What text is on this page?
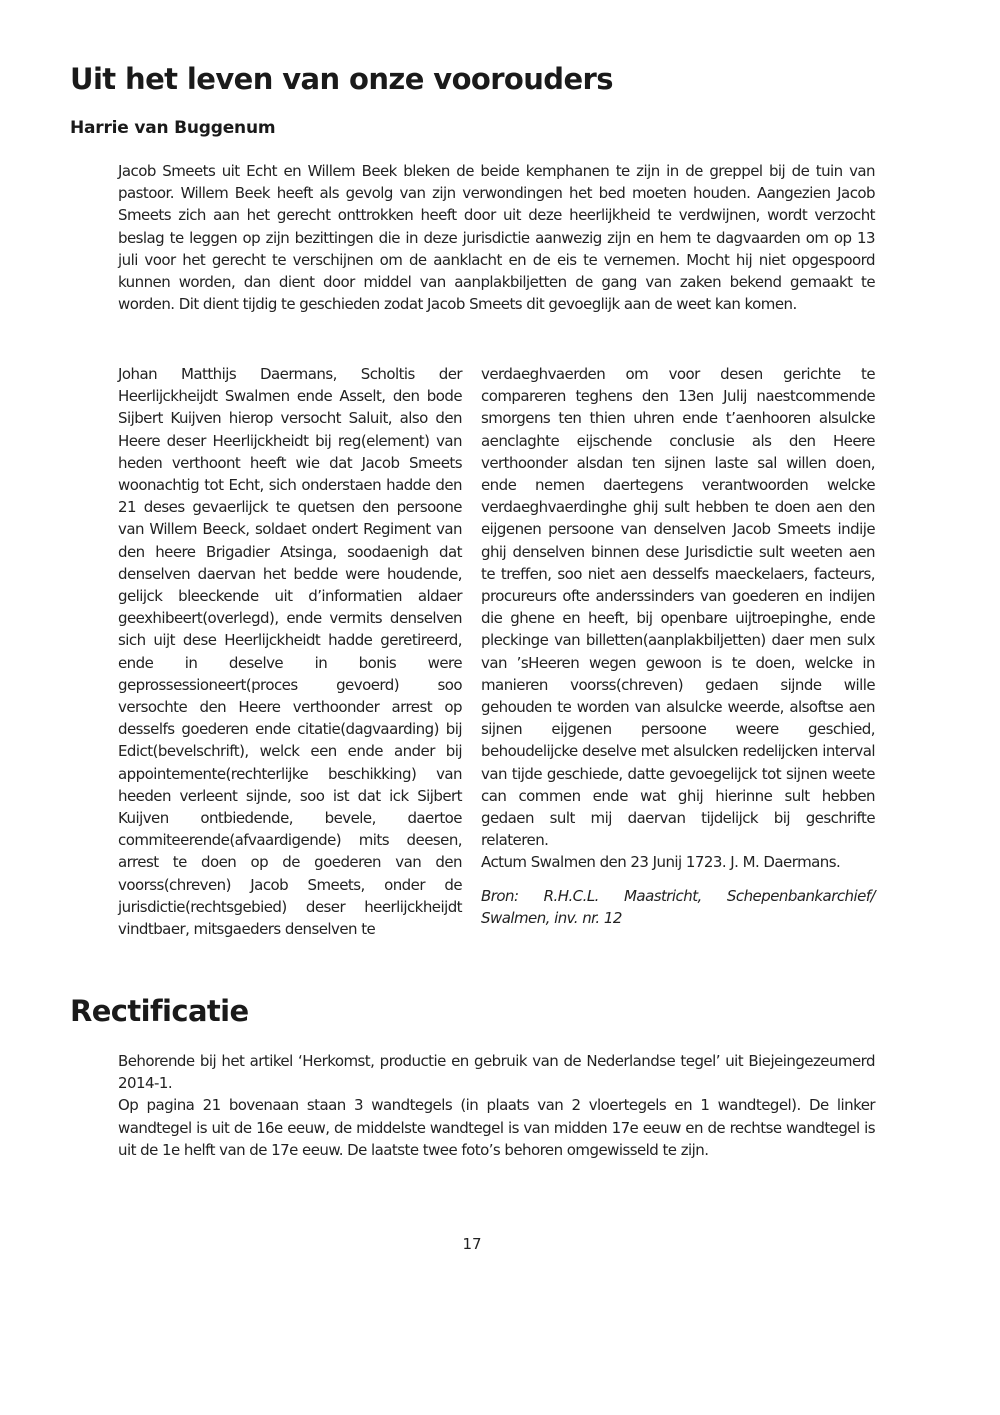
Uit het leven van onze voorouders

Harrie van Buggenum

Jacob Smeets uit Echt en Willem Beek bleken de beide kemphanen te zijn in de greppel bij de tuin van pastoor. Willem Beek heeft als gevolg van zijn verwondingen het bed moeten houden. Aangezien Jacob Smeets zich aan het gerecht onttrokken heeft door uit deze heerlijkheid te verdwijnen, wordt verzocht beslag te leggen op zijn bezittingen die in deze jurisdictie aanwezig zijn en hem te dagvaarden om op 13 juli voor het gerecht te verschijnen om de aanklacht en de eis te vernemen. Mocht hij niet opgespoord kunnen worden, dan dient door middel van aanplakbiljetten de gang van zaken bekend gemaakt te worden. Dit dient tijdig te geschieden zodat Jacob Smeets dit gevoeglijk aan de weet kan komen.

Johan Matthijs Daermans, Scholtis der Heerlijckheijdt Swalmen ende Asselt, den bode Sijbert Kuijven hierop versocht Saluit, also den Heere deser Heerlijckheidt bij reg(element) van heden verthoont heeft wie dat Jacob Smeets woonachtig tot Echt, sich onderstaen hadde den 21 deses gevaerlijck te quetsen den persoone van Willem Beeck, soldaet ondert Regiment van den heere Brigadier Atsinga, soodaenigh dat denselven daervan het bedde were houdende, gelijck bleeckende uit d’informatien aldaer geexhibeert(overlegd), ende vermits denselven sich uijt dese Heerlijckheidt hadde geretireerd, ende in deselve in bonis were geprossessioneert(proces gevoerd) soo versochte den Heere verthoonder arrest op desselfs goederen ende citatie(dagvaarding) bij Edict(bevelschrift), welck een ende ander bij appointemente(rechterlijke beschikking) van heeden verleent sijnde, soo ist dat ick Sijbert Kuijven ontbiedende, bevele, daertoe commiteerende(afvaardigende) mits deesen, arrest te doen op de goederen van den voorss(chreven) Jacob Smeets, onder de jurisdictie(rechtsgebied) deser heerlijckheijdt vindtbaer, mitsgaeders denselven te

verdaeghvaerden om voor desen gerichte te compareren teghens den 13en Julij naestcommende smorgens ten thien uhren ende t’aenhooren alsulcke aenclaghte eijschende conclusie als den Heere verthoonder alsdan ten sijnen laste sal willen doen, ende nemen daertegens verantwoorden welcke verdaeghvaerdinghe ghij sult hebben te doen aen den eijgenen persoone van denselven Jacob Smeets indije ghij denselven binnen dese Jurisdictie sult weeten aen te treffen, soo niet aen desselfs maeckelaers, facteurs, procureurs ofte anderssinders van goederen en indijen die ghene en heeft, bij openbare uijtroepinghe, ende pleckinge van billetten(aanplakbiljetten) daer men sulx van ’sHeeren wegen gewoon is te doen, welcke in manieren voorss(chreven) gedaen sijnde wille gehouden te worden van alsulcke weerde, alsoftse aen sijnen eijgenen persoone weere geschied, behoudelijcke deselve met alsulcken redelijcken interval van tijde geschiede, datte gevoegelijck tot sijnen weete can commen ende wat ghij hierinne sult hebben gedaen sult mij daervan tijdelijck bij geschrifte relateren.

Actum Swalmen den 23 Junij 1723. J. M. Daermans.

Bron: R.H.C.L. Maastricht, Schepenbankarchief/ Swalmen, inv. nr. 12

Rectificatie

Behorende bij het artikel ‘Herkomst, productie en gebruik van de Nederlandse tegel’ uit Biejeingezeumerd 2014-1.

Op pagina 21 bovenaan staan 3 wandtegels (in plaats van 2 vloertegels en 1 wandtegel). De linker wandtegel is uit de 16e eeuw, de middelste wandtegel is van midden 17e eeuw en de rechtse wandtegel is uit de 1e helft van de 17e eeuw. De laatste twee foto’s behoren omgewisseld te zijn.

17
